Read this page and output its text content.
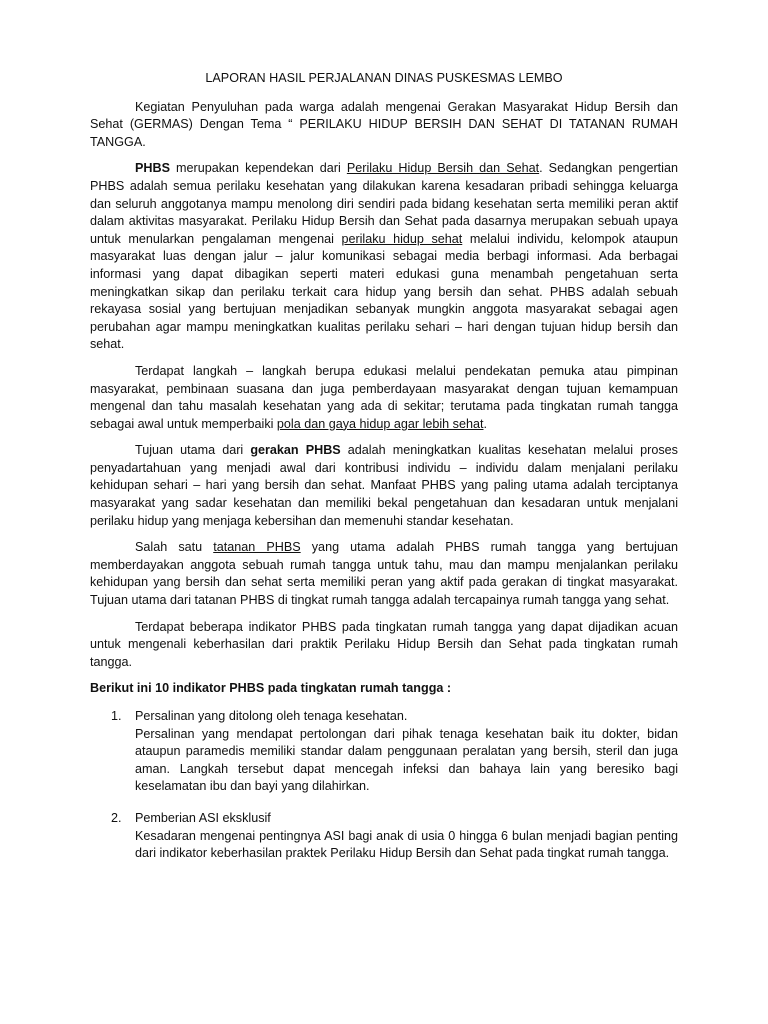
LAPORAN HASIL PERJALANAN DINAS PUSKESMAS LEMBO

Kegiatan Penyuluhan pada warga adalah mengenai Gerakan Masyarakat Hidup Bersih dan Sehat (GERMAS) Dengan Tema “ PERILAKU HIDUP BERSIH DAN SEHAT DI TATANAN RUMAH TANGGA.

PHBS merupakan kependekan dari Perilaku Hidup Bersih dan Sehat. Sedangkan pengertian PHBS adalah semua perilaku kesehatan yang dilakukan karena kesadaran pribadi sehingga keluarga dan seluruh anggotanya mampu menolong diri sendiri pada bidang kesehatan serta memiliki peran aktif dalam aktivitas masyarakat. Perilaku Hidup Bersih dan Sehat pada dasarnya merupakan sebuah upaya untuk menularkan pengalaman mengenai perilaku hidup sehat melalui individu, kelompok ataupun masyarakat luas dengan jalur – jalur komunikasi sebagai media berbagi informasi. Ada berbagai informasi yang dapat dibagikan seperti materi edukasi guna menambah pengetahuan serta meningkatkan sikap dan perilaku terkait cara hidup yang bersih dan sehat. PHBS adalah sebuah rekayasa sosial yang bertujuan menjadikan sebanyak mungkin anggota masyarakat sebagai agen perubahan agar mampu meningkatkan kualitas perilaku sehari – hari dengan tujuan hidup bersih dan sehat.

Terdapat langkah – langkah berupa edukasi melalui pendekatan pemuka atau pimpinan masyarakat, pembinaan suasana dan juga pemberdayaan masyarakat dengan tujuan kemampuan mengenal dan tahu masalah kesehatan yang ada di sekitar; terutama pada tingkatan rumah tangga sebagai awal untuk memperbaiki pola dan gaya hidup agar lebih sehat.

Tujuan utama dari gerakan PHBS adalah meningkatkan kualitas kesehatan melalui proses penyadartahuan yang menjadi awal dari kontribusi individu – individu dalam menjalani perilaku kehidupan sehari – hari yang bersih dan sehat. Manfaat PHBS yang paling utama adalah terciptanya masyarakat yang sadar kesehatan dan memiliki bekal pengetahuan dan kesadaran untuk menjalani perilaku hidup yang menjaga kebersihan dan memenuhi standar kesehatan.

Salah satu tatanan PHBS yang utama adalah PHBS rumah tangga yang bertujuan memberdayakan anggota sebuah rumah tangga untuk tahu, mau dan mampu menjalankan perilaku kehidupan yang bersih dan sehat serta memiliki peran yang aktif pada gerakan di tingkat masyarakat. Tujuan utama dari tatanan PHBS di tingkat rumah tangga adalah tercapainya rumah tangga yang sehat.

Terdapat beberapa indikator PHBS pada tingkatan rumah tangga yang dapat dijadikan acuan untuk mengenali keberhasilan dari praktik Perilaku Hidup Bersih dan Sehat pada tingkatan rumah tangga.

Berikut ini 10 indikator PHBS pada tingkatan rumah tangga :

1.	Persalinan yang ditolong oleh tenaga kesehatan.

Persalinan yang mendapat pertolongan dari pihak tenaga kesehatan baik itu dokter, bidan ataupun paramedis memiliki standar dalam penggunaan peralatan yang bersih, steril dan juga aman. Langkah tersebut dapat mencegah infeksi dan bahaya lain yang beresiko bagi keselamatan ibu dan bayi yang dilahirkan.

2.	Pemberian ASI eksklusif

Kesadaran mengenai pentingnya ASI bagi anak di usia 0 hingga 6 bulan menjadi bagian penting dari indikator keberhasilan praktek Perilaku Hidup Bersih dan Sehat pada tingkat rumah tangga.
